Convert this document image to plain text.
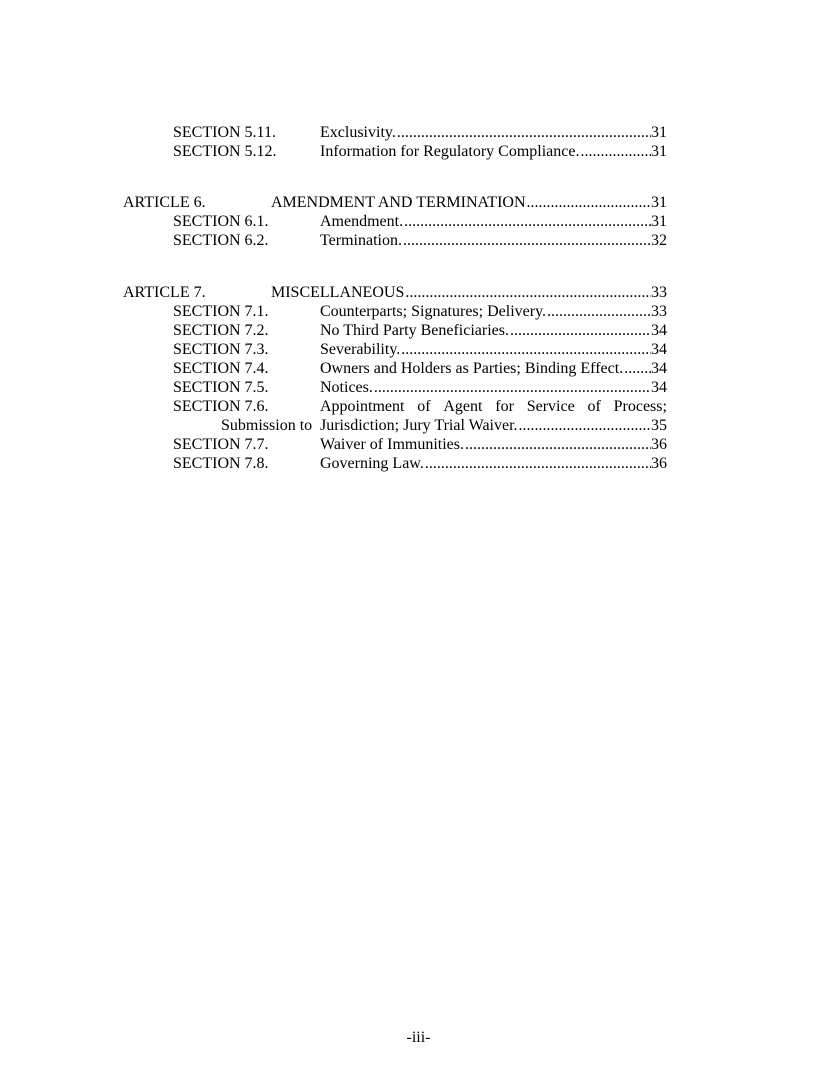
SECTION 5.11.	Exclusivity. .....	31
SECTION 5.12.	Information for Regulatory Compliance. .....	31
ARTICLE 6.	AMENDMENT AND TERMINATION .....	31
SECTION 6.1.	Amendment. .....	31
SECTION 6.2.	Termination. .....	32
ARTICLE 7.	MISCELLANEOUS .....	33
SECTION 7.1.	Counterparts; Signatures; Delivery. .....	33
SECTION 7.2.	No Third Party Beneficiaries. .....	34
SECTION 7.3.	Severability. .....	34
SECTION 7.4.	Owners and Holders as Parties; Binding Effect. ..... 34
SECTION 7.5.	Notices. .....	34
SECTION 7.6.	Appointment of Agent for Service of Process;
Submission to Jurisdiction; Jury Trial Waiver. .....	35
SECTION 7.7.	Waiver of Immunities. .....	36
SECTION 7.8.	Governing Law. .....	36
-iii-
